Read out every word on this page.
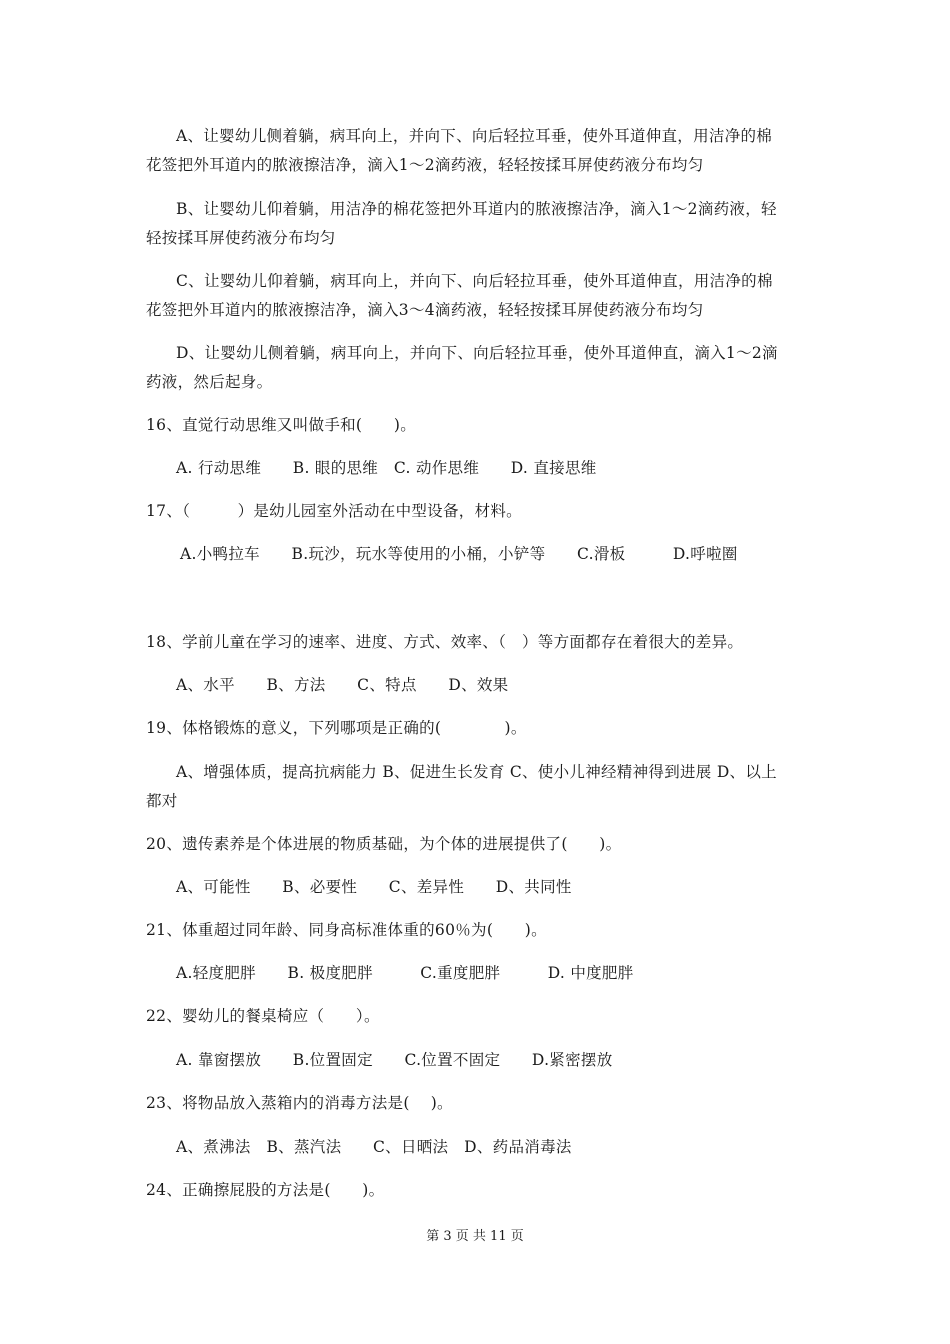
A、让婴幼儿侧着躺，病耳向上，并向下、向后轻拉耳垂，使外耳道伸直，用洁净的棉
花签把外耳道内的脓液擦洁净，滴入1～2滴药液，轻轻按揉耳屏使药液分布均匀
B、让婴幼儿仰着躺，用洁净的棉花签把外耳道内的脓液擦洁净，滴入1～2滴药液，轻
轻按揉耳屏使药液分布均匀
C、让婴幼儿仰着躺，病耳向上，并向下、向后轻拉耳垂，使外耳道伸直，用洁净的棉
花签把外耳道内的脓液擦洁净，滴入3～4滴药液，轻轻按揉耳屏使药液分布均匀
D、让婴幼儿侧着躺，病耳向上，并向下、向后轻拉耳垂，使外耳道伸直，滴入1～2滴
药液，然后起身。
16、直觉行动思维又叫做手和(　　)。
A. 行动思维　　B. 眼的思维　C. 动作思维　　D. 直接思维
17、（　　　）是幼儿园室外活动在中型设备，材料。
A.小鸭拉车　　B.玩沙，玩水等使用的小桶，小铲等　　C.滑板　　　D.呼啦圈
18、学前儿童在学习的速率、进度、方式、效率、（　）等方面都存在着很大的差异。
A、水平　　B、方法　　C、特点　　D、效果
19、体格锻炼的意义，下列哪项是正确的(　　　　)。
A、增强体质，提高抗病能力 B、促进生长发育 C、使小儿神经精神得到进展 D、以上
都对
20、遗传素养是个体进展的物质基础，为个体的进展提供了(　　)。
A、可能性　　B、必要性　　C、差异性　　D、共同性
21、体重超过同年龄、同身高标准体重的60％为(　　)。
A.轻度肥胖　　B. 极度肥胖　　　C.重度肥胖　　　D. 中度肥胖
22、婴幼儿的餐桌椅应（　　）。
A. 靠窗摆放　　B.位置固定　　C.位置不固定　　D.紧密摆放
23、将物品放入蒸箱内的消毒方法是(　 )。
A、煮沸法　B、蒸汽法　　C、日晒法　D、药品消毒法
24、正确擦屁股的方法是(　　)。
第 3 页 共 11 页
